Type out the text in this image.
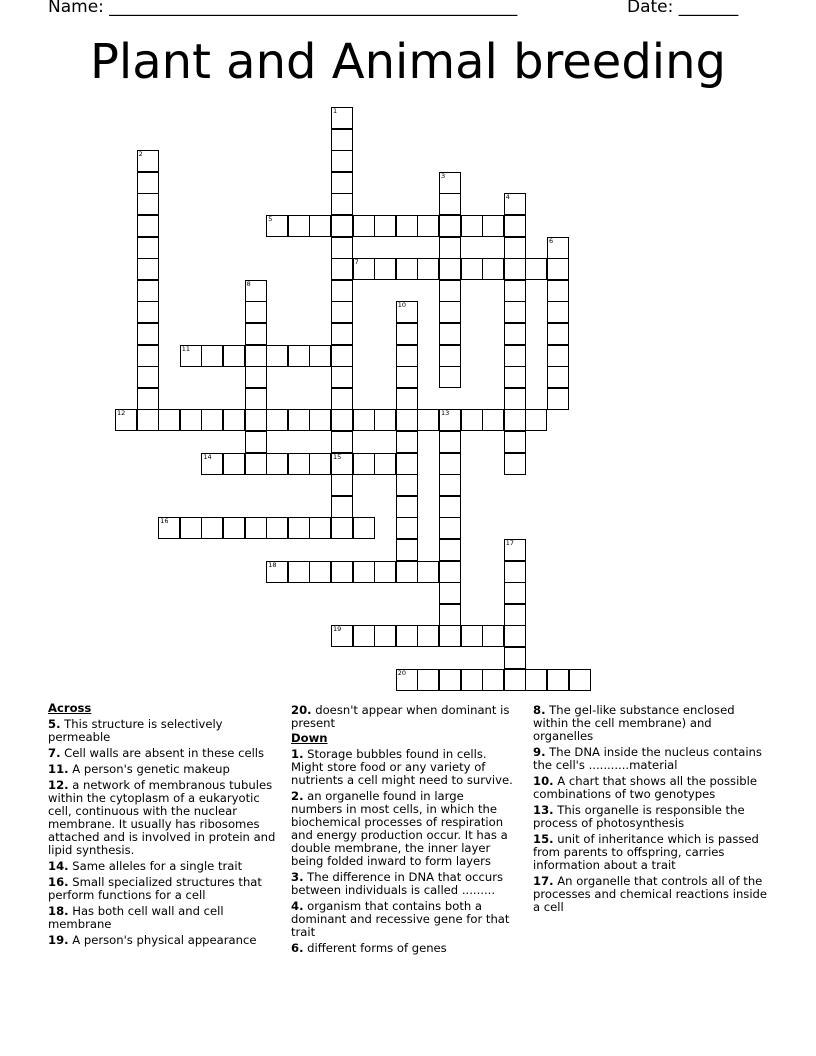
Name: ________________________________________________	Date: _______
Plant and Animal breeding
1
2
3
4
5
6
7
8
10
11
12	13
14	15
16
17
18
19
20
Across
5. This structure is selectively permeable
7. Cell walls are absent in these cells
11. A person's genetic makeup
12. a network of membranous tubules within the cytoplasm of a eukaryotic cell, continuous with the nuclear membrane. It usually has ribosomes attached and is involved in protein and lipid synthesis.
14. Same alleles for a single trait
16. Small specialized structures that perform functions for a cell
18. Has both cell wall and cell membrane
19. A person's physical appearance
20. doesn't appear when dominant is present
Down
1. Storage bubbles found in cells. Might store food or any variety of nutrients a cell might need to survive.
2. an organelle found in large numbers in most cells, in which the biochemical processes of respiration and energy production occur. It has a double membrane, the inner layer being folded inward to form layers
3. The difference in DNA that occurs between individuals is called .........
4. organism that contains both a dominant and recessive gene for that trait
6. different forms of genes
8. The gel-like substance enclosed within the cell membrane) and organelles
9. The DNA inside the nucleus contains the cell's ...........material
10. A chart that shows all the possible combinations of two genotypes
13. This organelle is responsible the process of photosynthesis
15. unit of inheritance which is passed from parents to offspring, carries information about a trait
17. An organelle that controls all of the processes and chemical reactions inside a cell
